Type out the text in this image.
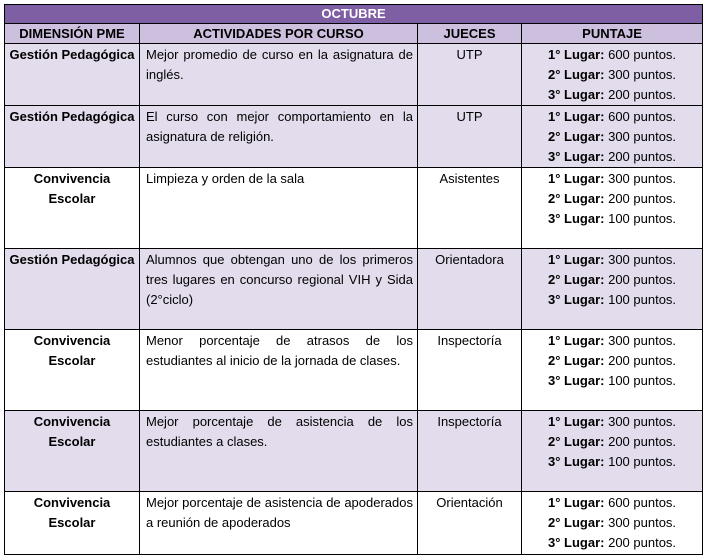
OCTUBRE			
DIMENSIÓN PME	ACTIVIDADES POR CURSO	JUECES	PUNTAJE
Gestión Pedagógica	Mejor promedio de curso en la asignatura de inglés.	UTP	1° Lugar: 600 puntos.
2° Lugar: 300 puntos.
3° Lugar: 200 puntos.

Gestión Pedagógica	El curso con mejor comportamiento en la asignatura de religión.	UTP	1° Lugar: 600 puntos.
2° Lugar: 300 puntos.
3° Lugar: 200 puntos.

Convivencia Escolar	Limpieza y orden de la sala	Asistentes	1° Lugar: 300 puntos.
2° Lugar: 200 puntos.
3° Lugar: 100 puntos.

Gestión Pedagógica	Alumnos que obtengan uno de los primeros tres lugares en concurso regional VIH y Sida (2°ciclo)	Orientadora	1° Lugar: 300 puntos.
2° Lugar: 200 puntos.
3° Lugar: 100 puntos.

Convivencia Escolar	Menor porcentaje de atrasos de los estudiantes al inicio de la jornada de clases.	Inspectoría	1° Lugar: 300 puntos.
2° Lugar: 200 puntos.
3° Lugar: 100 puntos.

Convivencia Escolar	Mejor porcentaje de asistencia de los estudiantes a clases.	Inspectoría	1° Lugar: 300 puntos.
2° Lugar: 200 puntos.
3° Lugar: 100 puntos.

Convivencia Escolar	Mejor porcentaje de asistencia de apoderados a reunión de apoderados	Orientación	1° Lugar: 600 puntos.
2° Lugar: 300 puntos.
3° Lugar: 200 puntos.
